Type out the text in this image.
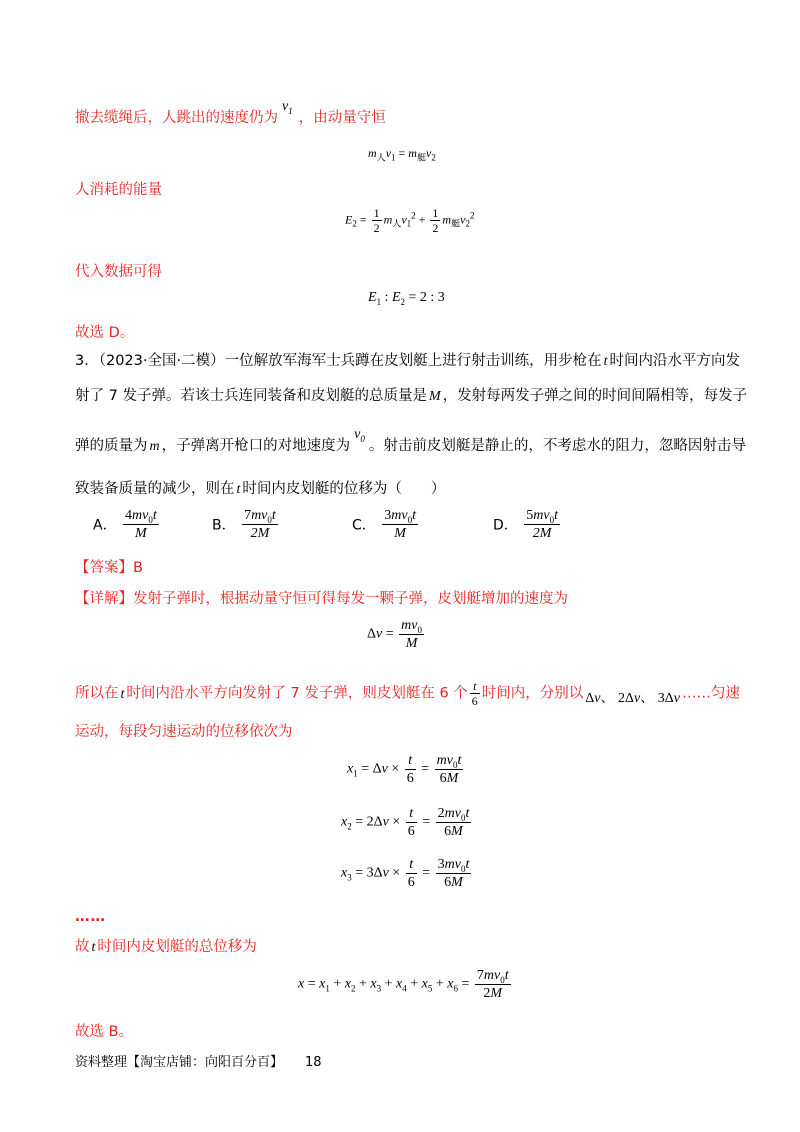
撤去缆绳后，人跳出的速度仍为$v_1$ ，由动量守恒
$m_人v_1 = m_艇v_2$
人消耗的能量
$E_2 = \frac{1}{2} m_人v_1^2 + \frac{1}{2} m_艇v_2^2$
代入数据可得
$E_1$ : $E_2 = 2$ : 3
故选 D。
3．（2023·全国·二模）一位解放军海军士兵蹲在皮划艇上进行射击训练，用步枪在 t 时间内沿水平方向发
射了 7 发子弹。若该士兵连同装备和皮划艇的总质量是 M ，发射每两发子弹之间的时间间隔相等，每发子
弹的质量为 m ，子弹离开枪口的对地速度为$v_0$ 。射击前皮划艇是静止的，不考虑水的阻力，忽略因射击导
致装备质量的减少，则在 t 时间内皮划艇的位移为（　　）
A． $\frac{4mv_0t}{M}$	B． $\frac{7mv_0t}{2M}$	C． $\frac{3mv_0t}{M}$	D． $\frac{5mv_0t}{2M}$
【答案】B
【详解】发射子弹时，根据动量守恒可得每发一颗子弹，皮划艇增加的速度为
$\Delta v = \frac{mv_0}{M}$
所以在 t 时间内沿水平方向发射了 7 发子弹，则皮划艇在 6 个 $\frac{t}{6}$ 时间内，分别以 Δv、 2Δv、 3Δv ……匀速
运动，每段匀速运动的位移依次为
$x_1 = \Delta v \times \frac{t}{6} = \frac{mv_0t}{6M}$
$x_2 = 2\Delta v \times \frac{t}{6} = \frac{2mv_0t}{6M}$
$x_3 = 3\Delta v \times \frac{t}{6} = \frac{3mv_0t}{6M}$
……
故 t 时间内皮划艇的总位移为
$x = x_1 + x_2 + x_3 + x_4 + x_5 + x_6 = \frac{7mv_0t}{2M}$
故选 B。
资料整理【淘宝店铺：向阳百分百】 18
